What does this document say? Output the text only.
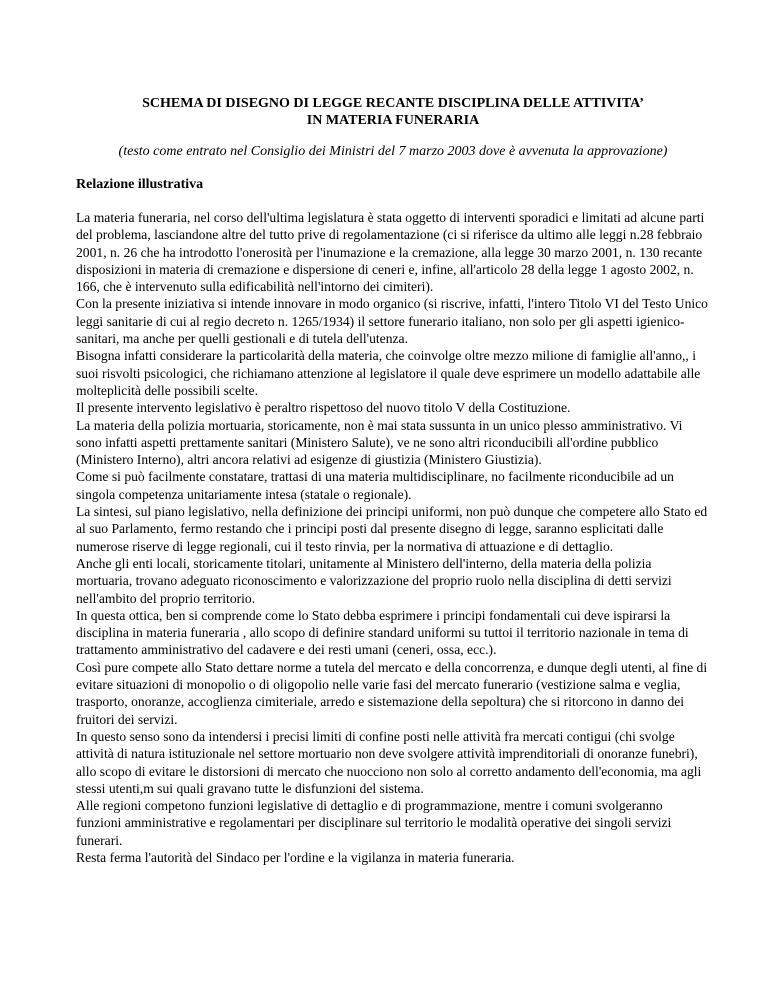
SCHEMA DI DISEGNO DI LEGGE RECANTE DISCIPLINA DELLE ATTIVITA’
IN MATERIA FUNERARIA

(testo come entrato nel Consiglio dei Ministri del 7 marzo 2003 dove è avvenuta la approvazione)

Relazione illustrativa

La materia funeraria, nel corso dell'ultima legislatura è stata oggetto di interventi sporadici e limitati ad alcune parti del problema, lasciandone altre del tutto prive di regolamentazione (ci si riferisce da ultimo alle leggi n.28 febbraio 2001, n. 26 che ha introdotto l'onerosità per l'inumazione e la cremazione, alla legge 30 marzo 2001, n. 130 recante disposizioni in materia di cremazione e dispersione di ceneri e, infine, all'articolo 28 della legge 1 agosto 2002, n. 166, che è intervenuto sulla edificabilità nell'intorno dei cimiteri).

Con la presente iniziativa si intende innovare in modo organico (si riscrive, infatti, l'intero Titolo VI del Testo Unico leggi sanitarie di cui al regio decreto n. 1265/1934) il settore funerario italiano, non solo per gli aspetti igienico-sanitari, ma anche per quelli gestionali e di tutela dell'utenza.

Bisogna infatti considerare la particolarità della materia, che coinvolge oltre mezzo milione di famiglie all'anno,, i suoi risvolti psicologici, che richiamano attenzione al legislatore il quale deve esprimere un modello adattabile alle molteplicità delle possibili scelte.

Il presente intervento legislativo è peraltro rispettoso del nuovo titolo V della Costituzione.

La materia della polizia mortuaria, storicamente, non è mai stata sussunta in un unico plesso amministrativo. Vi sono infatti aspetti prettamente sanitari (Ministero Salute), ve ne sono altri riconducibili all'ordine pubblico (Ministero Interno), altri ancora relativi ad esigenze di giustizia (Ministero Giustizia).

Come si può facilmente constatare, trattasi di una materia multidisciplinare, no facilmente riconducibile ad un singola competenza unitariamente intesa (statale o regionale).

La sintesi, sul piano legislativo, nella definizione dei principi uniformi, non può dunque che competere allo Stato ed al suo Parlamento, fermo restando che i principi posti dal presente disegno di legge, saranno esplicitati dalle numerose riserve di legge regionali, cui il testo rinvia, per la normativa di attuazione e di dettaglio.

Anche gli enti locali, storicamente titolari, unitamente al Ministero dell'interno, della materia della polizia mortuaria, trovano adeguato riconoscimento e valorizzazione del proprio ruolo nella disciplina di detti servizi nell'ambito del proprio territorio.

In questa ottica, ben si comprende come lo Stato debba esprimere i principi fondamentali cui deve ispirarsi la disciplina in materia funeraria , allo scopo di definire standard uniformi su tuttoi il territorio nazionale in tema di trattamento amministrativo del cadavere e dei resti umani (ceneri, ossa, ecc.).

Così pure compete allo Stato dettare norme a tutela del mercato e della concorrenza, e dunque degli utenti, al fine di evitare situazioni di monopolio o di oligopolio nelle varie fasi del mercato funerario (vestizione salma e veglia, trasporto, onoranze, accoglienza cimiteriale, arredo e sistemazione della sepoltura) che si ritorcono in danno dei fruitori dei servizi.

In questo senso sono da intendersi i precisi limiti di confine posti nelle attività fra mercati contigui (chi svolge attività di natura istituzionale nel settore mortuario non deve svolgere attività imprenditoriali di onoranze funebri), allo scopo di evitare le distorsioni di mercato che nuocciono non solo al corretto andamento dell'economia, ma agli stessi utenti,m sui quali gravano tutte le disfunzioni del sistema.

Alle regioni competono funzioni legislative di dettaglio e di programmazione, mentre i comuni svolgeranno funzioni amministrative e regolamentari per disciplinare sul territorio le modalità operative dei singoli servizi funerari.

Resta ferma l'autorità del Sindaco per l'ordine e la vigilanza in materia funeraria.
